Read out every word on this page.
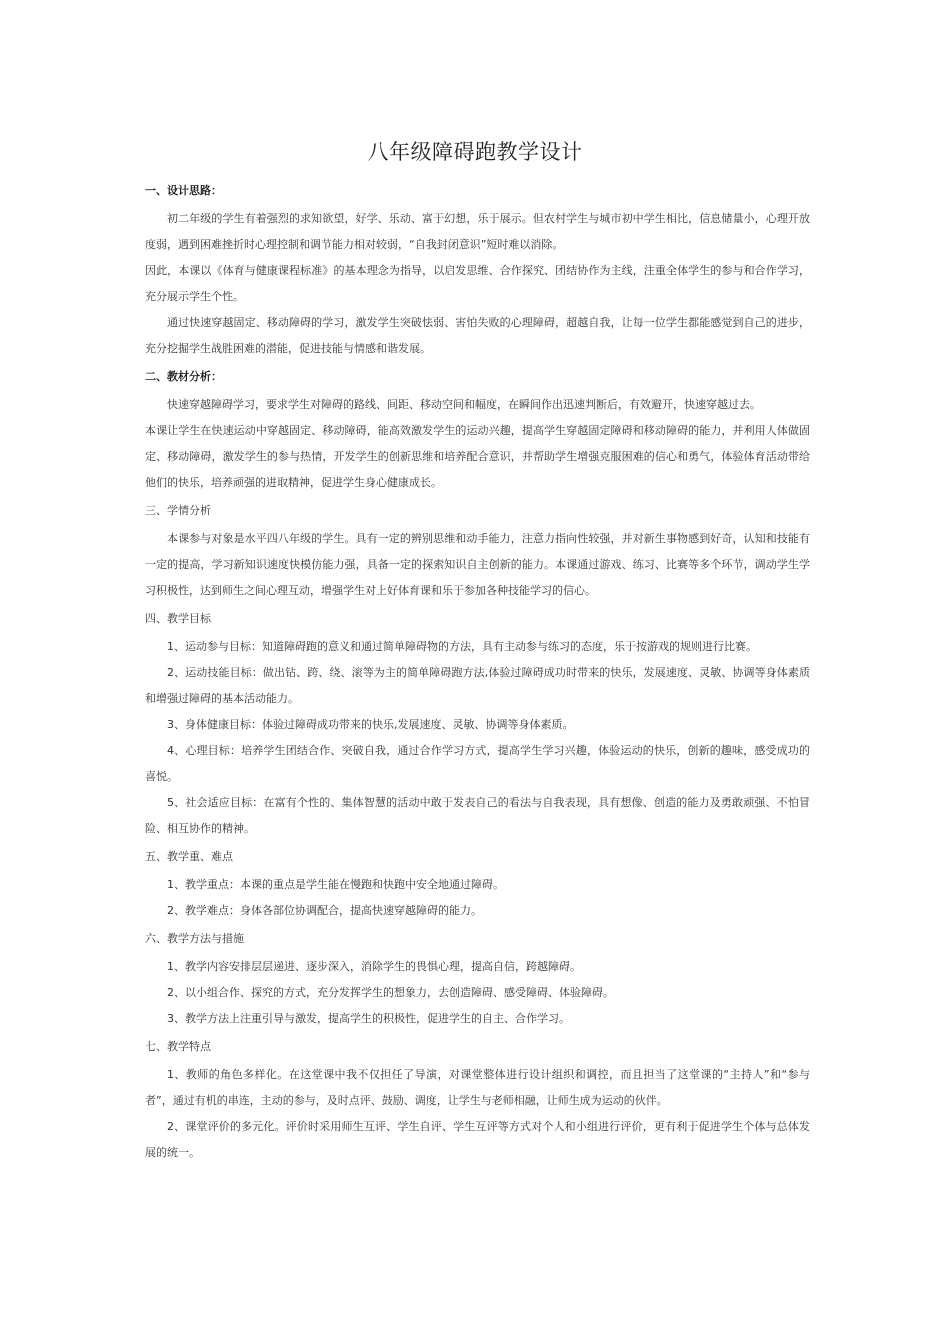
八年级障碍跑教学设计

一、设计思路：

初二年级的学生有着强烈的求知欲望，好学、乐动、富于幻想，乐于展示。但农村学生与城市初中学生相比，信息储量小，心理开放度弱，遇到困难挫折时心理控制和调节能力相对较弱，“自我封闭意识”短时难以消除。

因此，本课以《体育与健康课程标准》的基本理念为指导，以启发思维、合作探究、团结协作为主线，注重全体学生的参与和合作学习，充分展示学生个性。

通过快速穿越固定、移动障碍的学习，激发学生突破怯弱、害怕失败的心理障碍，超越自我，让每一位学生都能感觉到自己的进步，充分挖掘学生战胜困难的潜能，促进技能与情感和谐发展。

二、教材分析：

快速穿越障碍学习，要求学生对障碍的路线、间距、移动空间和幅度，在瞬间作出迅速判断后，有效避开，快速穿越过去。

本课让学生在快速运动中穿越固定、移动障碍，能高效激发学生的运动兴趣，提高学生穿越固定障碍和移动障碍的能力，并利用人体做固定、移动障碍，激发学生的参与热情，开发学生的创新思维和培养配合意识，并帮助学生增强克服困难的信心和勇气，体验体育活动带给他们的快乐，培养顽强的进取精神，促进学生身心健康成长。

三、学情分析

本课参与对象是水平四八年级的学生。具有一定的辨别思维和动手能力，注意力指向性较强，并对新生事物感到好奇，认知和技能有一定的提高，学习新知识速度快模仿能力强，具备一定的探索知识自主创新的能力。本课通过游戏、练习、比赛等多个环节，调动学生学习积极性，达到师生之间心理互动，增强学生对上好体育课和乐于参加各种技能学习的信心。

四、教学目标

1、运动参与目标：知道障碍跑的意义和通过简单障碍物的方法，具有主动参与练习的态度，乐于按游戏的规则进行比赛。

2、运动技能目标：做出钻、跨、绕、滚等为主的简单障碍跑方法,体验过障碍成功时带来的快乐，发展速度、灵敏、协调等身体素质和增强过障碍的基本活动能力。

3、身体健康目标：体验过障碍成功带来的快乐,发展速度、灵敏、协调等身体素质。

4、心理目标：培养学生团结合作、突破自我，通过合作学习方式，提高学生学习兴趣，体验运动的快乐，创新的趣味，感受成功的喜悦。

5、社会适应目标：在富有个性的、集体智慧的活动中敢于发表自己的看法与自我表现，具有想像、创造的能力及勇敢顽强、不怕冒险、相互协作的精神。

五、教学重、难点

1、教学重点：本课的重点是学生能在慢跑和快跑中安全地通过障碍。

2、教学难点：身体各部位协调配合，提高快速穿越障碍的能力。

六、教学方法与措施

1、教学内容安排层层递进、逐步深入，消除学生的畏惧心理，提高自信，跨越障碍。

2、以小组合作、探究的方式，充分发挥学生的想象力，去创造障碍、感受障碍、体验障碍。

3、教学方法上注重引导与激发，提高学生的积极性，促进学生的自主、合作学习。

七、教学特点

1、教师的角色多样化。在这堂课中我不仅担任了导演，对课堂整体进行设计组织和调控，而且担当了这堂课的“主持人”和“参与者”，通过有机的串连，主动的参与，及时点评、鼓励、调度，让学生与老师相融，让师生成为运动的伙伴。

2、课堂评价的多元化。评价时采用师生互评、学生自评、学生互评等方式对个人和小组进行评价，更有利于促进学生个体与总体发展的统一。
